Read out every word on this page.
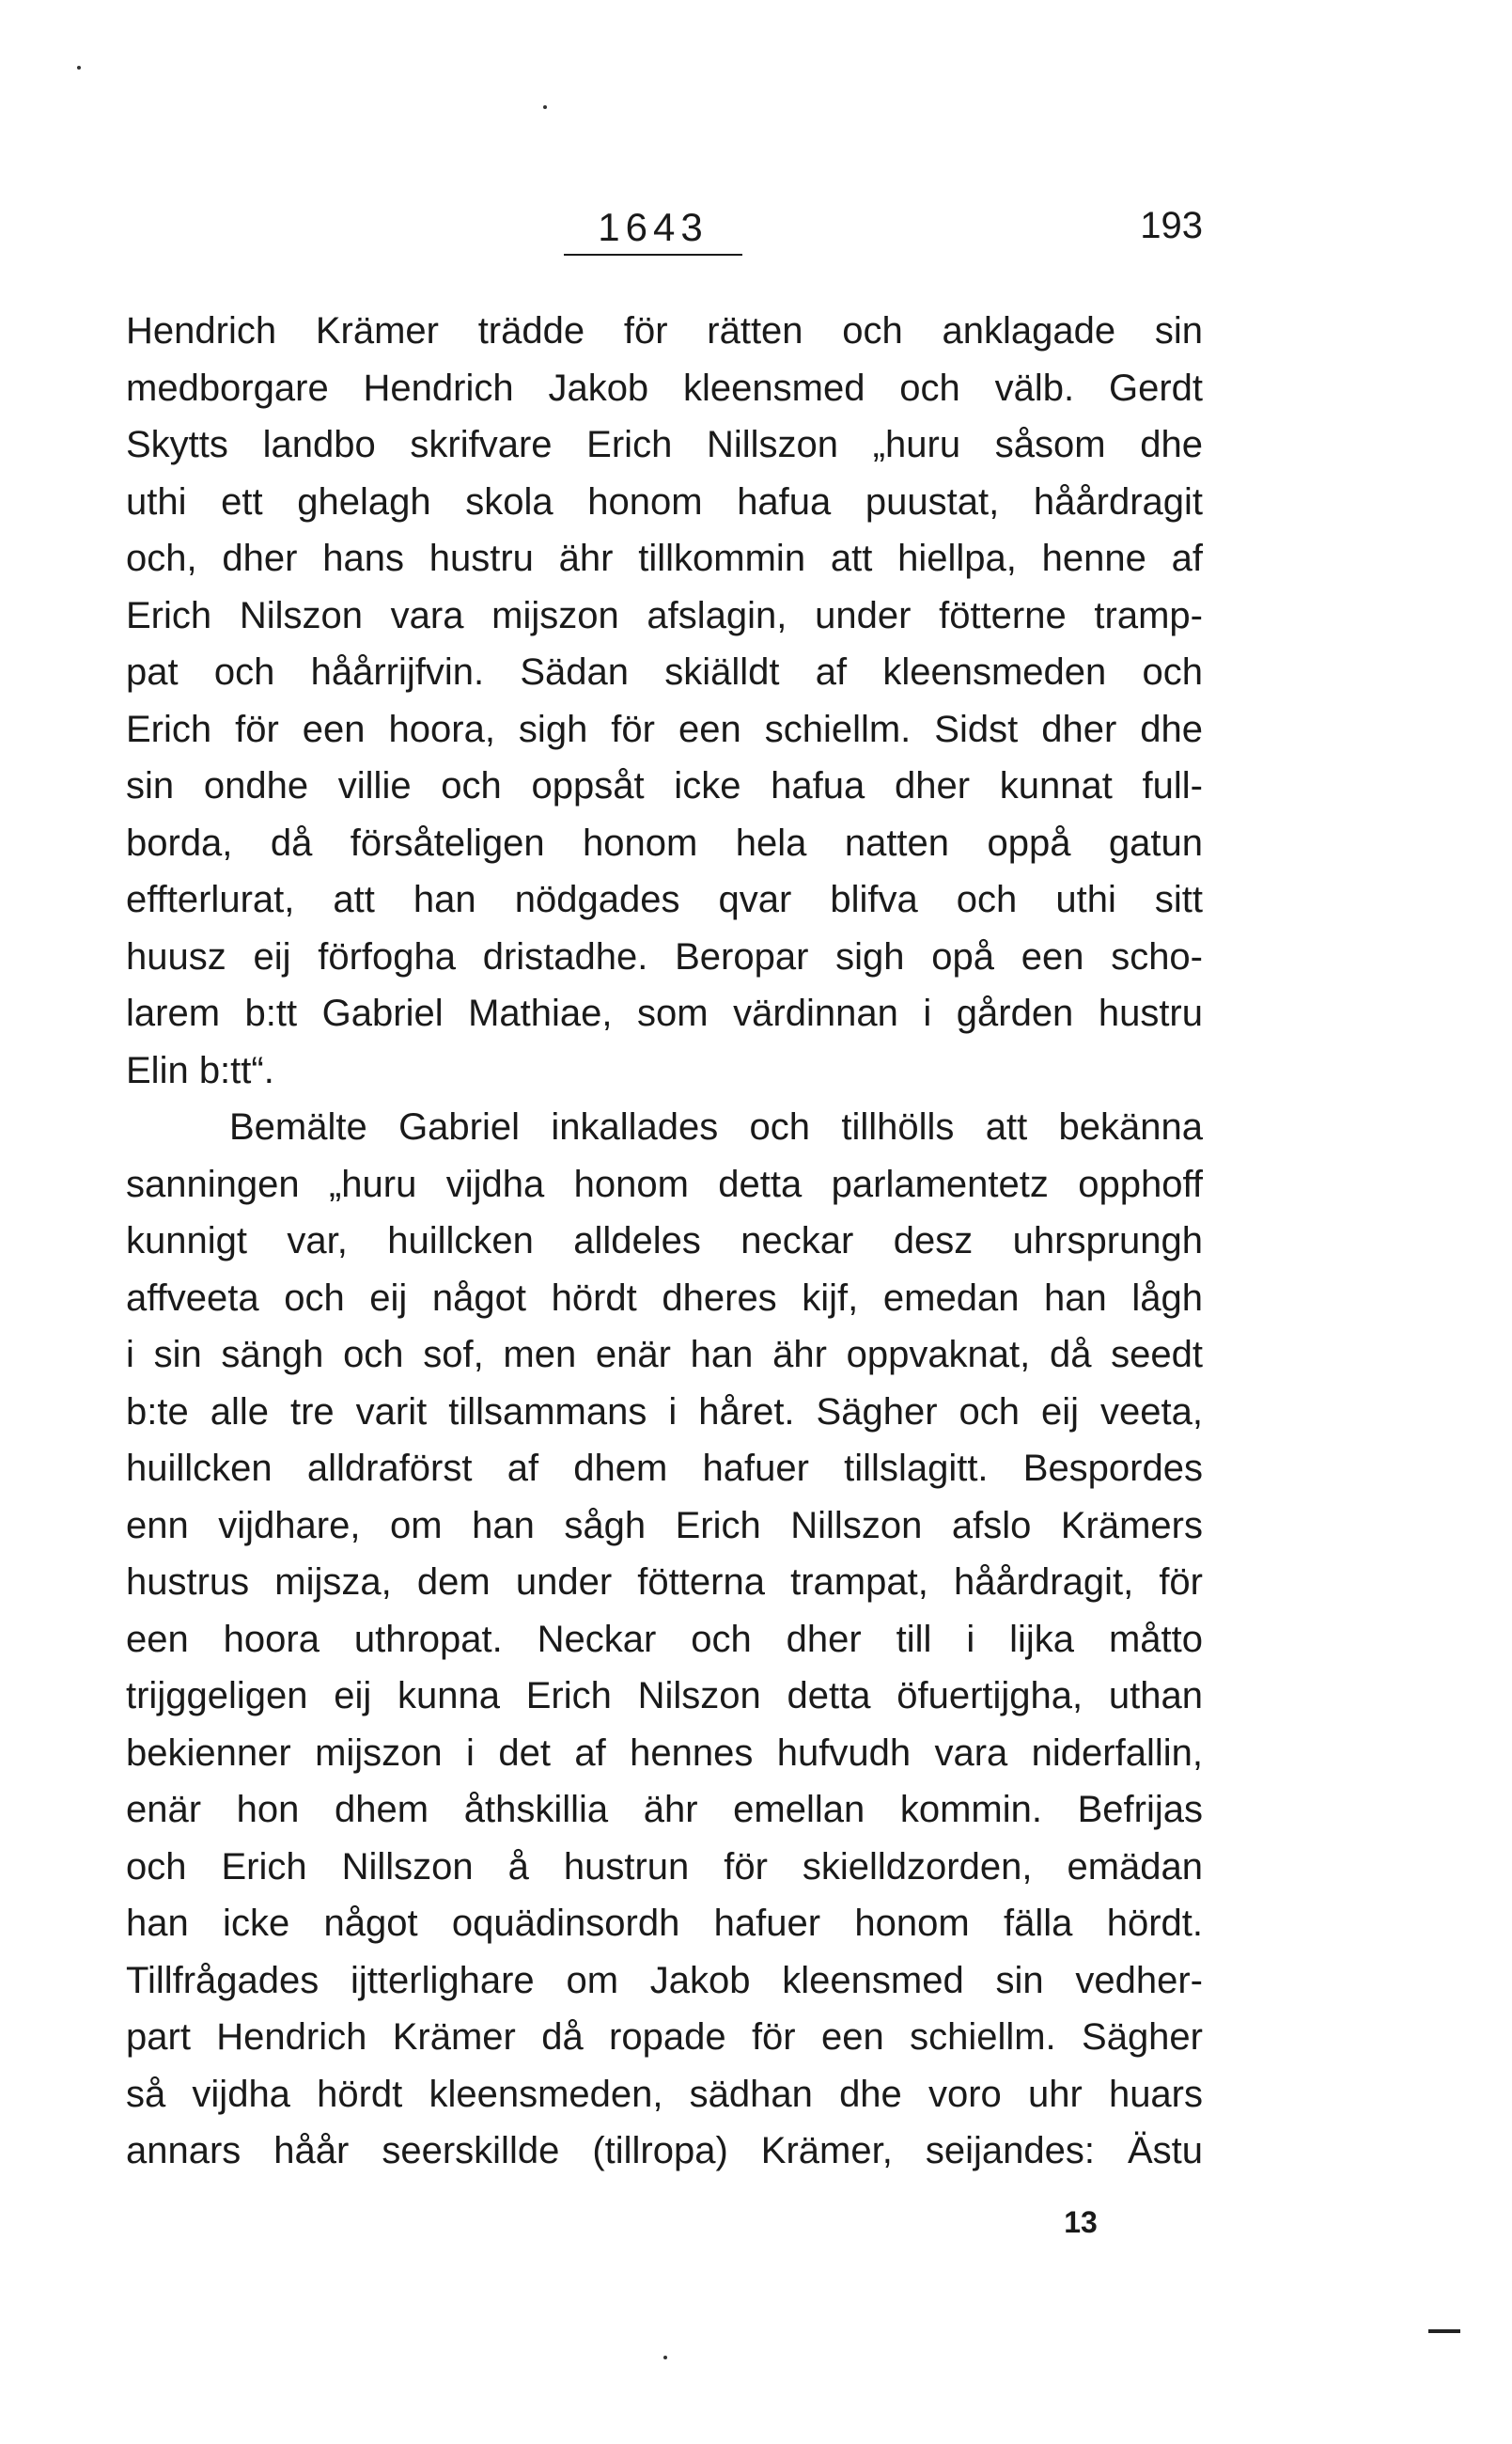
1643	193
Hendrich Krämer trädde för rätten och anklagade sin
medborgare Hendrich Jakob kleensmed och välb. Gerdt
Skytts landbo skrifvare Erich Nillszon „huru såsom dhe
uthi ett ghelagh skola honom hafua puustat, håårdragit
och, dher hans hustru ähr tillkommin att hiellpa, henne af
Erich Nilszon vara mijszon afslagin, under fötterne tramp-
pat och håårrijfvin. Sädan skiälldt af kleensmeden och
Erich för een hoora, sigh för een schiellm. Sidst dher dhe
sin ondhe villie och oppsåt icke hafua dher kunnat full-
borda, då försåteligen honom hela natten oppå gatun
effterlurat, att han nödgades qvar blifva och uthi sitt
huusz eij förfogha dristadhe. Beropar sigh opå een scho-
larem b:tt Gabriel Mathiae, som värdinnan i gården hustru
Elin b:tt“.
Bemälte Gabriel inkallades och tillhölls att bekänna
sanningen „huru vijdha honom detta parlamentetz opphoff
kunnigt var, huillcken alldeles neckar desz uhrsprungh
affveeta och eij något hördt dheres kijf, emedan han lågh
i sin sängh och sof, men enär han ähr oppvaknat, då seedt
b:te alle tre varit tillsammans i håret. Sägher och eij veeta,
huillcken alldraförst af dhem hafuer tillslagitt. Bespordes
enn vijdhare, om han sågh Erich Nillszon afslo Krämers
hustrus mijsza, dem under fötterna trampat, håårdragit, för
een hoora uthropat. Neckar och dher till i lijka måtto
trijggeligen eij kunna Erich Nilszon detta öfuertijgha, uthan
bekienner mijszon i det af hennes hufvudh vara niderfallin,
enär hon dhem åthskillia ähr emellan kommin. Befrijas
och Erich Nillszon å hustrun för skielldzorden, emädan
han icke något oquädinsordh hafuer honom fälla hördt.
Tillfrågades ijtterlighare om Jakob kleensmed sin vedher-
part Hendrich Krämer då ropade för een schiellm. Sägher
så vijdha hördt kleensmeden, sädhan dhe voro uhr huars
annars håår seerskillde (tillropa) Krämer, seijandes: Ästu
13
